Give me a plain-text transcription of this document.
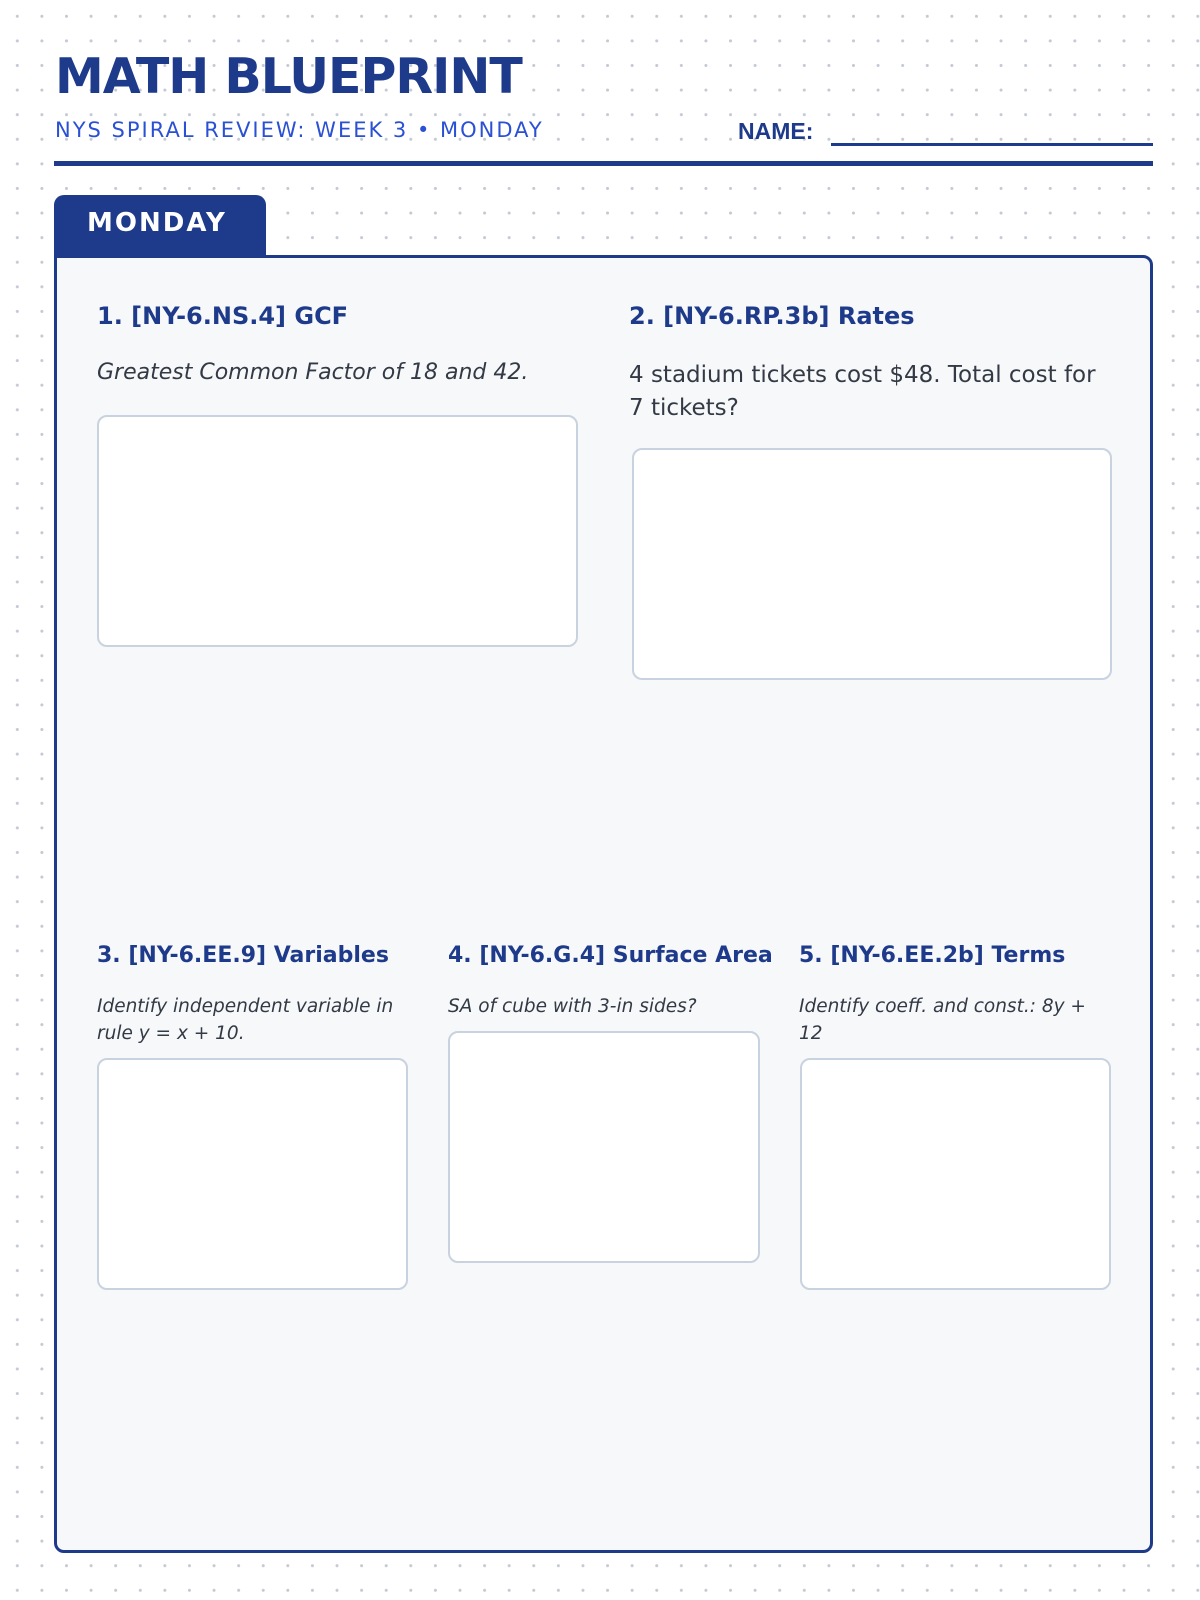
MATH BLUEPRINT
NYS SPIRAL REVIEW: WEEK 3 • MONDAY	NAME:
MONDAY

1. [NY-6.NS.4] GCF

Greatest Common Factor of 18 and 42.

2. [NY-6.RP.3b] Rates

4 stadium tickets cost $48. Total cost for 7 tickets?

3. [NY-6.EE.9] Variables

Identify independent variable in rule y = x + 10.

4. [NY-6.G.4] Surface Area

SA of cube with 3-in sides?

5. [NY-6.EE.2b] Terms

Identify coeff. and const.: 8y + 12
